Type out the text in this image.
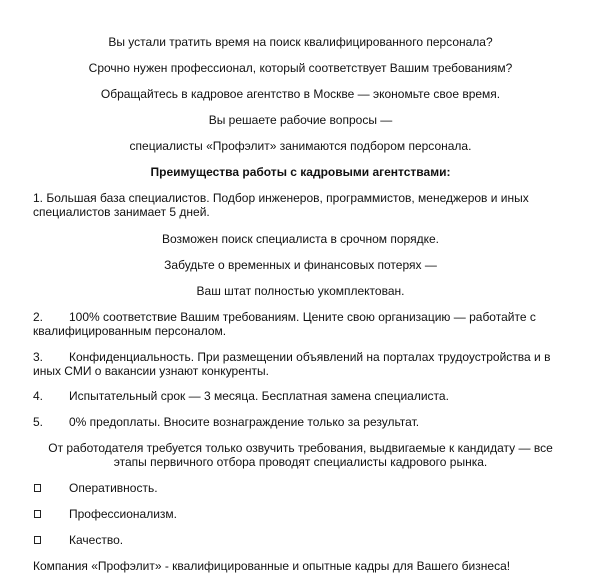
Вы устали тратить время на поиск квалифицированного персонала?
Срочно нужен профессионал, который соответствует Вашим требованиям?
Обращайтесь в кадровое агентство в Москве — экономьте свое время.
Вы решаете рабочие вопросы —
специалисты «Профэлит» занимаются подбором персонала.
Преимущества работы с кадровыми агентствами:
1. Большая база специалистов. Подбор инженеров, программистов, менеджеров и иных
специалистов занимает 5 дней.
Возможен поиск специалиста в срочном порядке.
Забудьте о временных и финансовых потерях —
Ваш штат полностью укомплектован.
2. 100% соответствие Вашим требованиям. Цените свою организацию — работайте с
квалифицированным персоналом.
3. Конфиденциальность. При размещении объявлений на порталах трудоустройства и в
иных СМИ о вакансии узнают конкуренты.
4. Испытательный срок — 3 месяца. Бесплатная замена специалиста.
5. 0% предоплаты. Вносите вознаграждение только за результат.
От работодателя требуется только озвучить требования, выдвигаемые к кандидату — все
этапы первичного отбора проводят специалисты кадрового рынка.
Оперативность.
Профессионализм.
Качество.
Компания «Профэлит» - квалифицированные и опытные кадры для Вашего бизнеса!
